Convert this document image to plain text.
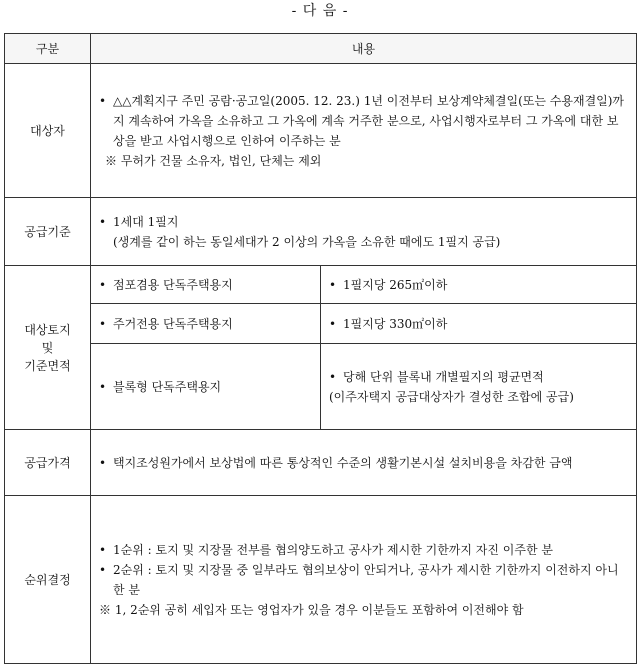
- 다 음 -
구분	내용	
대상자	• △△계획지구 주민 공람·공고일(2005. 12. 23.) 1년 이전부터 보상계약체결일(또는 수용재결일)까지 계속하여 가옥을 소유하고 그 가옥에 계속 거주한 분으로, 사업시행자로부터 그 가옥에 대한 보상을 받고 사업시행으로 인하여 이주하는 분
※ 무허가 건물 소유자, 법인, 단체는 제외

공급기준	• 1세대 1필지
(생계를 같이 하는 동일세대가 2 이상의 가옥을 소유한 때에도 1필지 공급)

대상토지
및
기준면적	• 점포겸용 단독주택용지	• 1필지당 265㎡이하

	• 주거전용 단독주택용지	• 1필지당 330㎡이하

	• 블록형 단독주택용지	• 당해 단위 블록내 개별필지의 평균면적
(이주자택지 공급대상자가 결성한 조합에 공급)

공급가격	• 택지조성원가에서 보상법에 따른 통상적인 수준의 생활기본시설 설치비용을 차감한 금액

순위결정	• 1순위 : 토지 및 지장물 전부를 협의양도하고 공사가 제시한 기한까지 자진 이주한 분
• 2순위 : 토지 및 지장물 중 일부라도 협의보상이 안되거나, 공사가 제시한 기한까지 이전하지 아니한 분
※ 1, 2순위 공히 세입자 또는 영업자가 있을 경우 이분들도 포함하여 이전해야 함
